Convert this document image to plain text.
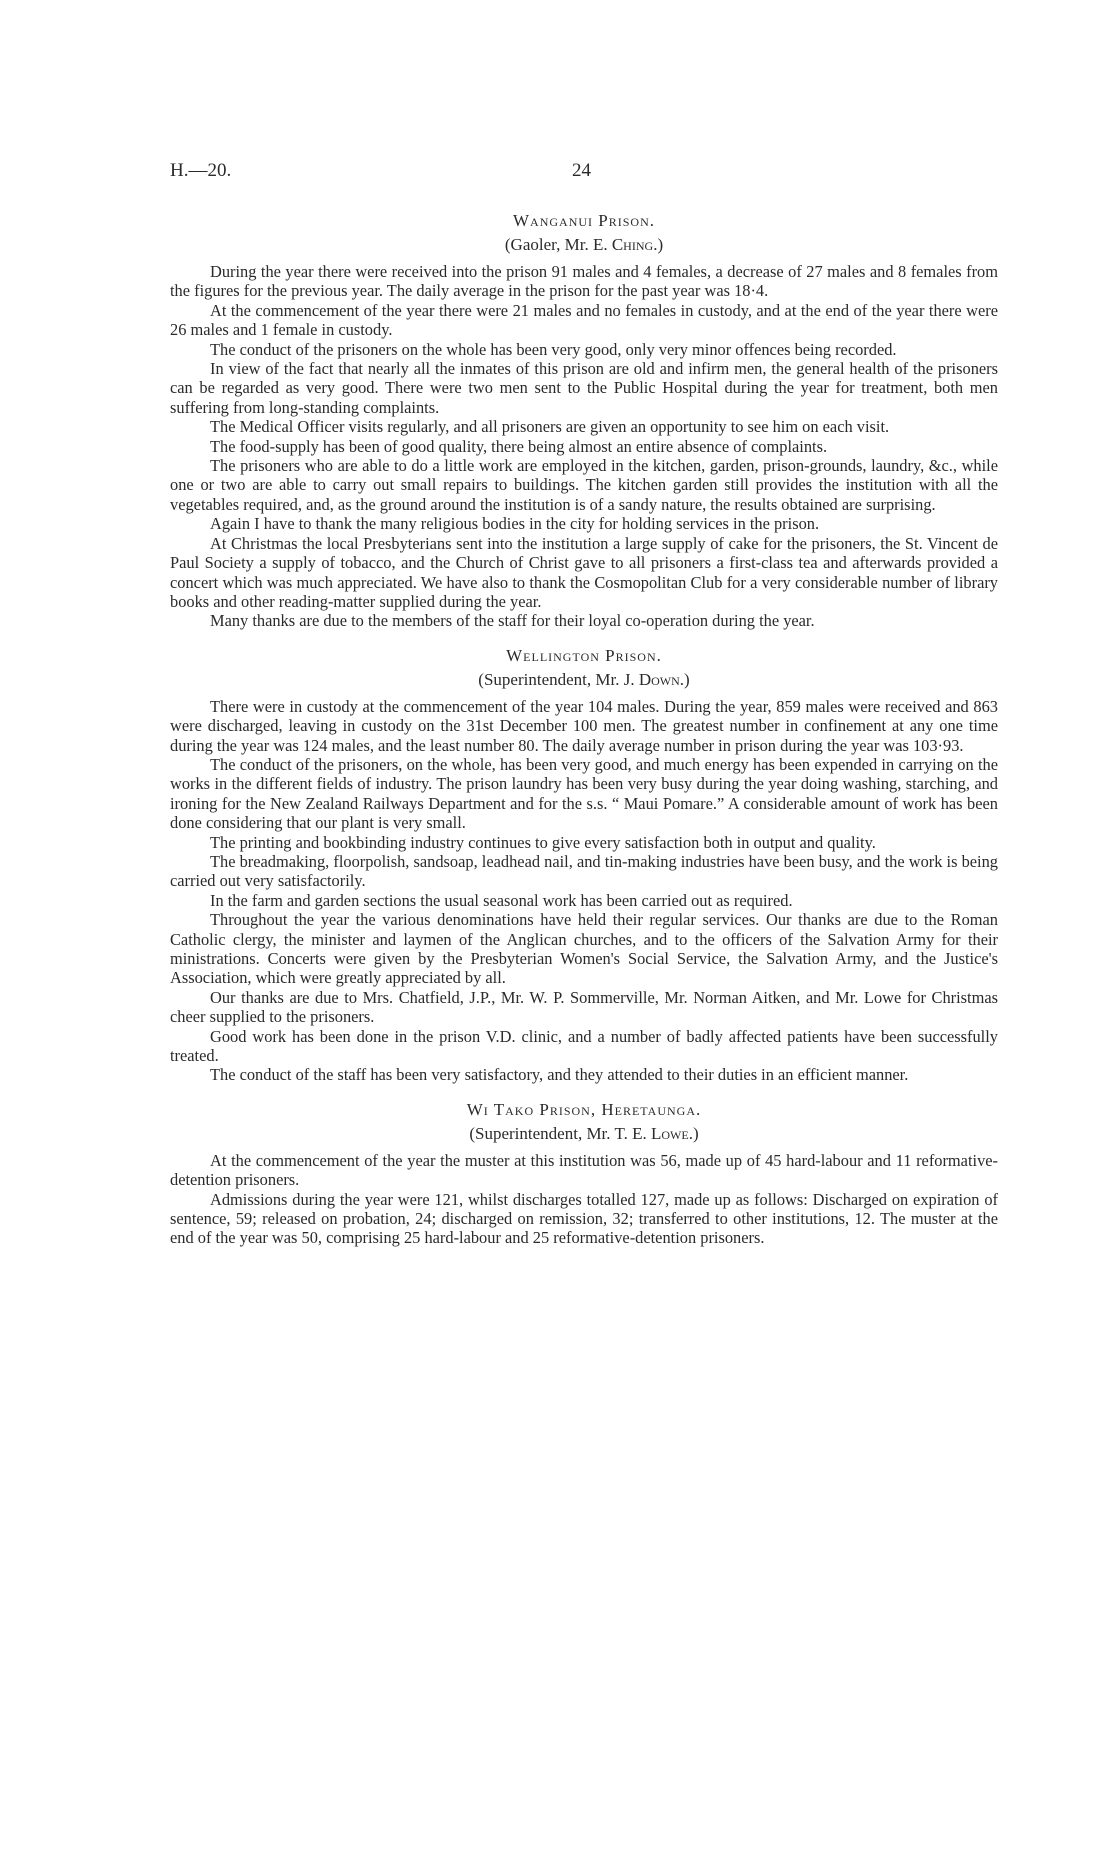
H.—20.	24
Wanganui Prison.
(Gaoler, Mr. E. Ching.)

During the year there were received into the prison 91 males and 4 females, a decrease of 27 males and 8 females from the figures for the previous year. The daily average in the prison for the past year was 18·4.

At the commencement of the year there were 21 males and no females in custody, and at the end of the year there were 26 males and 1 female in custody.

The conduct of the prisoners on the whole has been very good, only very minor offences being recorded.

In view of the fact that nearly all the inmates of this prison are old and infirm men, the general health of the prisoners can be regarded as very good. There were two men sent to the Public Hospital during the year for treatment, both men suffering from long-standing complaints.

The Medical Officer visits regularly, and all prisoners are given an opportunity to see him on each visit.

The food-supply has been of good quality, there being almost an entire absence of complaints.

The prisoners who are able to do a little work are employed in the kitchen, garden, prison-grounds, laundry, &c., while one or two are able to carry out small repairs to buildings. The kitchen garden still provides the institution with all the vegetables required, and, as the ground around the institution is of a sandy nature, the results obtained are surprising.

Again I have to thank the many religious bodies in the city for holding services in the prison.

At Christmas the local Presbyterians sent into the institution a large supply of cake for the prisoners, the St. Vincent de Paul Society a supply of tobacco, and the Church of Christ gave to all prisoners a first-class tea and afterwards provided a concert which was much appreciated. We have also to thank the Cosmopolitan Club for a very considerable number of library books and other reading-matter supplied during the year.

Many thanks are due to the members of the staff for their loyal co-operation during the year.

Wellington Prison.
(Superintendent, Mr. J. Down.)

There were in custody at the commencement of the year 104 males. During the year, 859 males were received and 863 were discharged, leaving in custody on the 31st December 100 men. The greatest number in confinement at any one time during the year was 124 males, and the least number 80. The daily average number in prison during the year was 103·93.

The conduct of the prisoners, on the whole, has been very good, and much energy has been expended in carrying on the works in the different fields of industry. The prison laundry has been very busy during the year doing washing, starching, and ironing for the New Zealand Railways Department and for the s.s. “ Maui Pomare.” A considerable amount of work has been done considering that our plant is very small.

The printing and bookbinding industry continues to give every satisfaction both in output and quality.

The breadmaking, floorpolish, sandsoap, leadhead nail, and tin-making industries have been busy, and the work is being carried out very satisfactorily.

In the farm and garden sections the usual seasonal work has been carried out as required.

Throughout the year the various denominations have held their regular services. Our thanks are due to the Roman Catholic clergy, the minister and laymen of the Anglican churches, and to the officers of the Salvation Army for their ministrations. Concerts were given by the Presbyterian Women's Social Service, the Salvation Army, and the Justice's Association, which were greatly appreciated by all.

Our thanks are due to Mrs. Chatfield, J.P., Mr. W. P. Sommerville, Mr. Norman Aitken, and Mr. Lowe for Christmas cheer supplied to the prisoners.

Good work has been done in the prison V.D. clinic, and a number of badly affected patients have been successfully treated.

The conduct of the staff has been very satisfactory, and they attended to their duties in an efficient manner.

Wi Tako Prison, Heretaunga.
(Superintendent, Mr. T. E. Lowe.)

At the commencement of the year the muster at this institution was 56, made up of 45 hard-labour and 11 reformative-detention prisoners.

Admissions during the year were 121, whilst discharges totalled 127, made up as follows: Discharged on expiration of sentence, 59; released on probation, 24; discharged on remission, 32; transferred to other institutions, 12. The muster at the end of the year was 50, comprising 25 hard-labour and 25 reformative-detention prisoners.
